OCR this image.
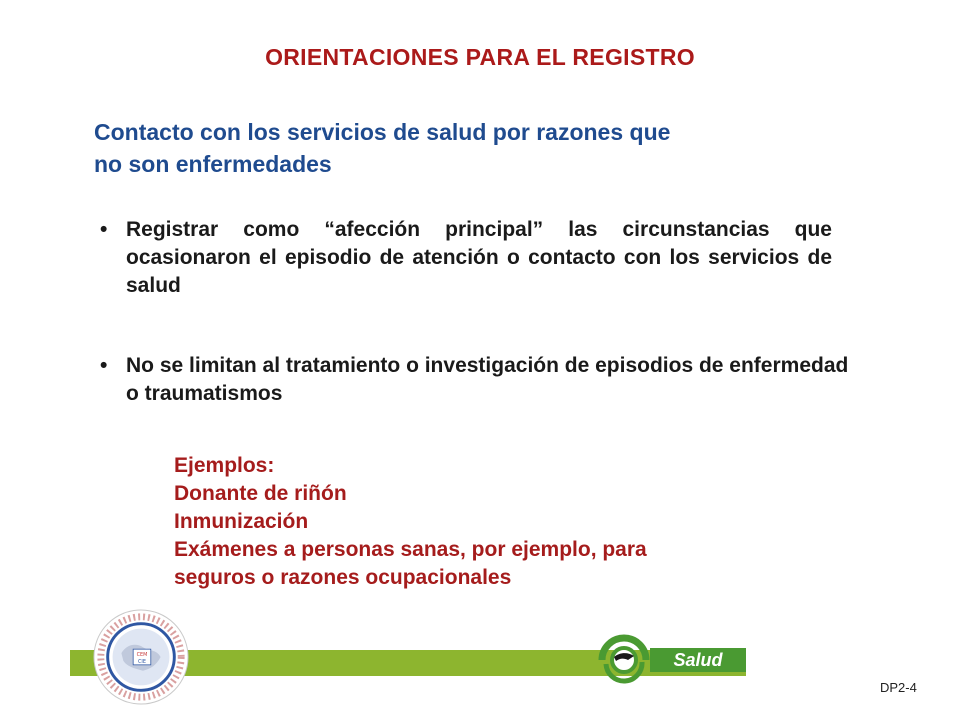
ORIENTACIONES PARA EL REGISTRO
Contacto con los servicios de salud por razones que
no son enfermedades
• Registrar como “afección principal” las circunstancias que ocasionaron el episodio de atención o contacto con los servicios de salud
• No se limitan al tratamiento o investigación de episodios de enfermedad o traumatismos
Ejemplos:
Donante de riñón
Inmunización
Exámenes a personas sanas, por ejemplo, para
seguros o razones ocupacionales
CEM
CIE	Salud
DP2-4
